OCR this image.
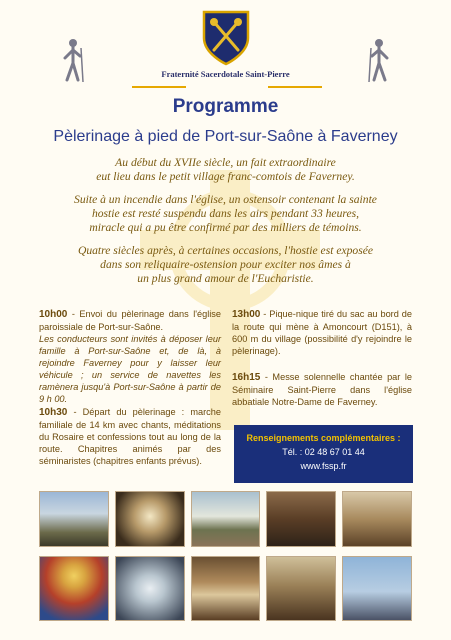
Fraternité Sacerdotale Saint-Pierre
Programme
Pèlerinage à pied de Port-sur-Saône à Faverney
Au début du XVIIe siècle, un fait extraordinaire
eut lieu dans le petit village franc-comtois de Faverney.
Suite à un incendie dans l'église, un ostensoir contenant la sainte
hostie est resté suspendu dans les airs pendant 33 heures,
miracle qui a pu être confirmé par des milliers de témoins.
Quatre siècles après, à certaines occasions, l'hostie est exposée
dans son reliquaire-ostension pour exciter nos âmes à
un plus grand amour de l'Eucharistie.
10h00 - Envoi du pèlerinage dans l'église paroissiale de Port-sur-Saône.
Les conducteurs sont invités à déposer leur famille à Port-sur-Saône et, de là, à rejoindre Faverney pour y laisser leur véhicule ; un service de navettes les ramènera jusqu'à Port-sur-Saône à partir de 9 h 00.
10h30 - Départ du pèlerinage : marche familiale de 14 km avec chants, méditations du Rosaire et confessions tout au long de la route. Chapitres animés par des séminaristes (chapitres enfants prévus).
13h00 - Pique-nique tiré du sac au bord de la route qui mène à Amoncourt (D151), à 600 m du village (possibilité d'y rejoindre le pèlerinage).
16h15 - Messe solennelle chantée par le Séminaire Saint-Pierre dans l'église abbatiale Notre-Dame de Faverney.
Renseignements complémentaires :
Tél. : 02 48 67 01 44
www.fssp.fr
